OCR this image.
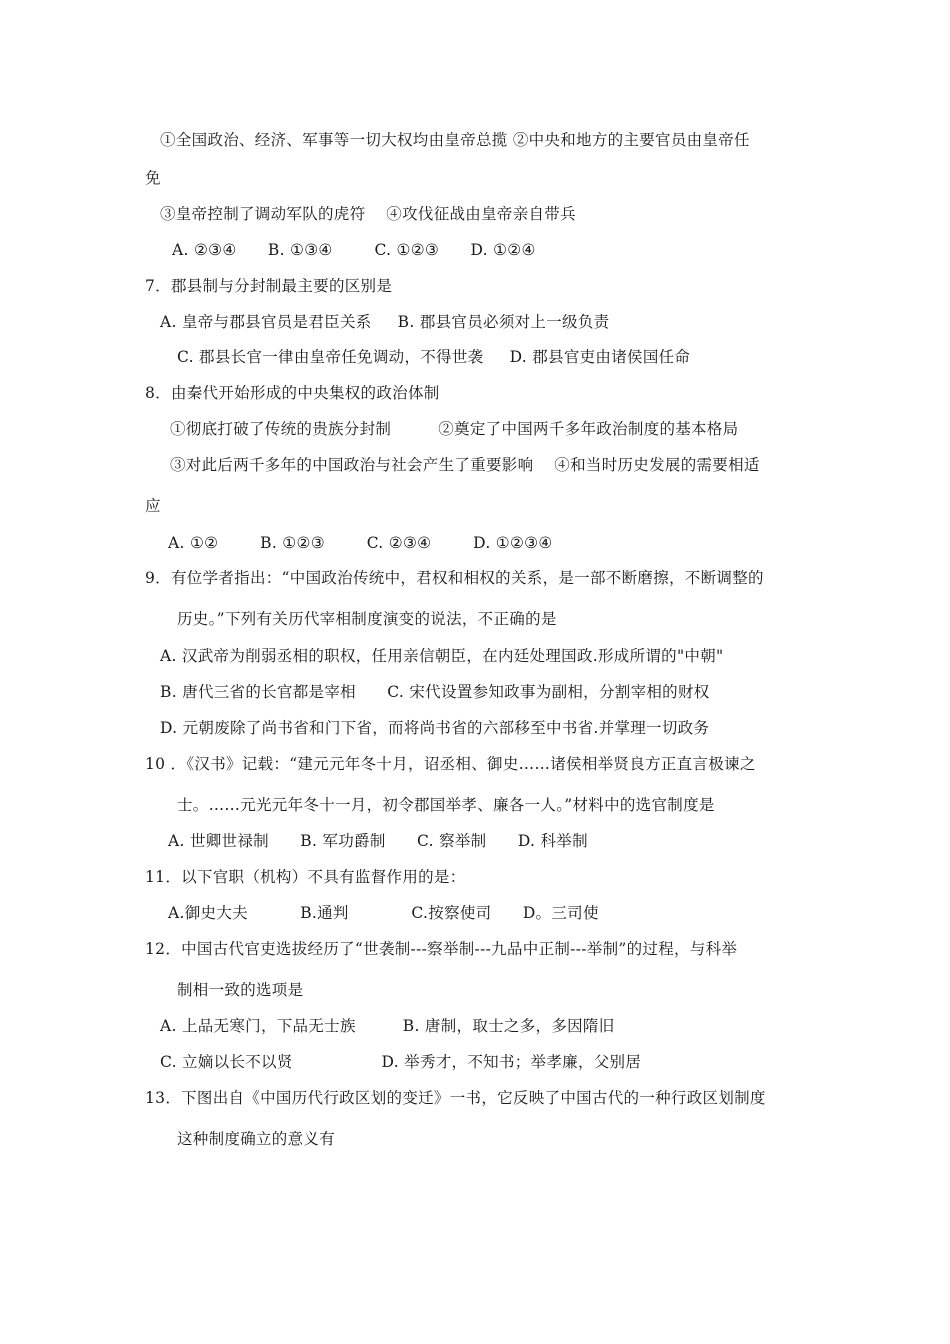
①全国政治、经济、军事等一切大权均由皇帝总揽 ②中央和地方的主要官员由皇帝任
免
③皇帝控制了调动军队的虎符    ④攻伐征战由皇帝亲自带兵
A. ②③④      B. ①③④        C. ①②③      D. ①②④
7．郡县制与分封制最主要的区别是
A. 皇帝与郡县官员是君臣关系     B. 郡县官员必须对上一级负责
C. 郡县长官一律由皇帝任免调动，不得世袭     D. 郡县官吏由诸侯国任命
8．由秦代开始形成的中央集权的政治体制
①彻底打破了传统的贵族分封制         ②奠定了中国两千多年政治制度的基本格局
③对此后两千多年的中国政治与社会产生了重要影响    ④和当时历史发展的需要相适
应
A. ①②        B. ①②③        C. ②③④        D. ①②③④
9．有位学者指出：“中国政治传统中，君权和相权的关系，是一部不断磨擦，不断调整的
历史。”下列有关历代宰相制度演变的说法，不正确的是
A. 汉武帝为削弱丞相的职权，任用亲信朝臣，在内廷处理国政.形成所谓的"中朝"
B. 唐代三省的长官都是宰相      C. 宋代设置参知政事为副相，分割宰相的财权
D. 元朝废除了尚书省和门下省，而将尚书省的六部移至中书省.并掌理一切政务
10 ．《汉书》记载：“建元元年冬十月，诏丞相、御史……诸侯相举贤良方正直言极谏之
士。……元光元年冬十一月，初令郡国举孝、廉各一人。”材料中的选官制度是
A. 世卿世禄制      B. 军功爵制      C. 察举制      D. 科举制
11．以下官职（机构）不具有监督作用的是：
A.御史大夫          B.通判            C.按察使司      D。三司使
12．中国古代官吏选拔经历了“世袭制---察举制---九品中正制---举制”的过程，与科举
制相一致的选项是
A. 上品无寒门，下品无士族         B. 唐制，取士之多，多因隋旧
C. 立嫡以长不以贤                 D. 举秀才，不知书；举孝廉，父别居
13．下图出自《中国历代行政区划的变迁》一书，它反映了中国古代的一种行政区划制度
这种制度确立的意义有
